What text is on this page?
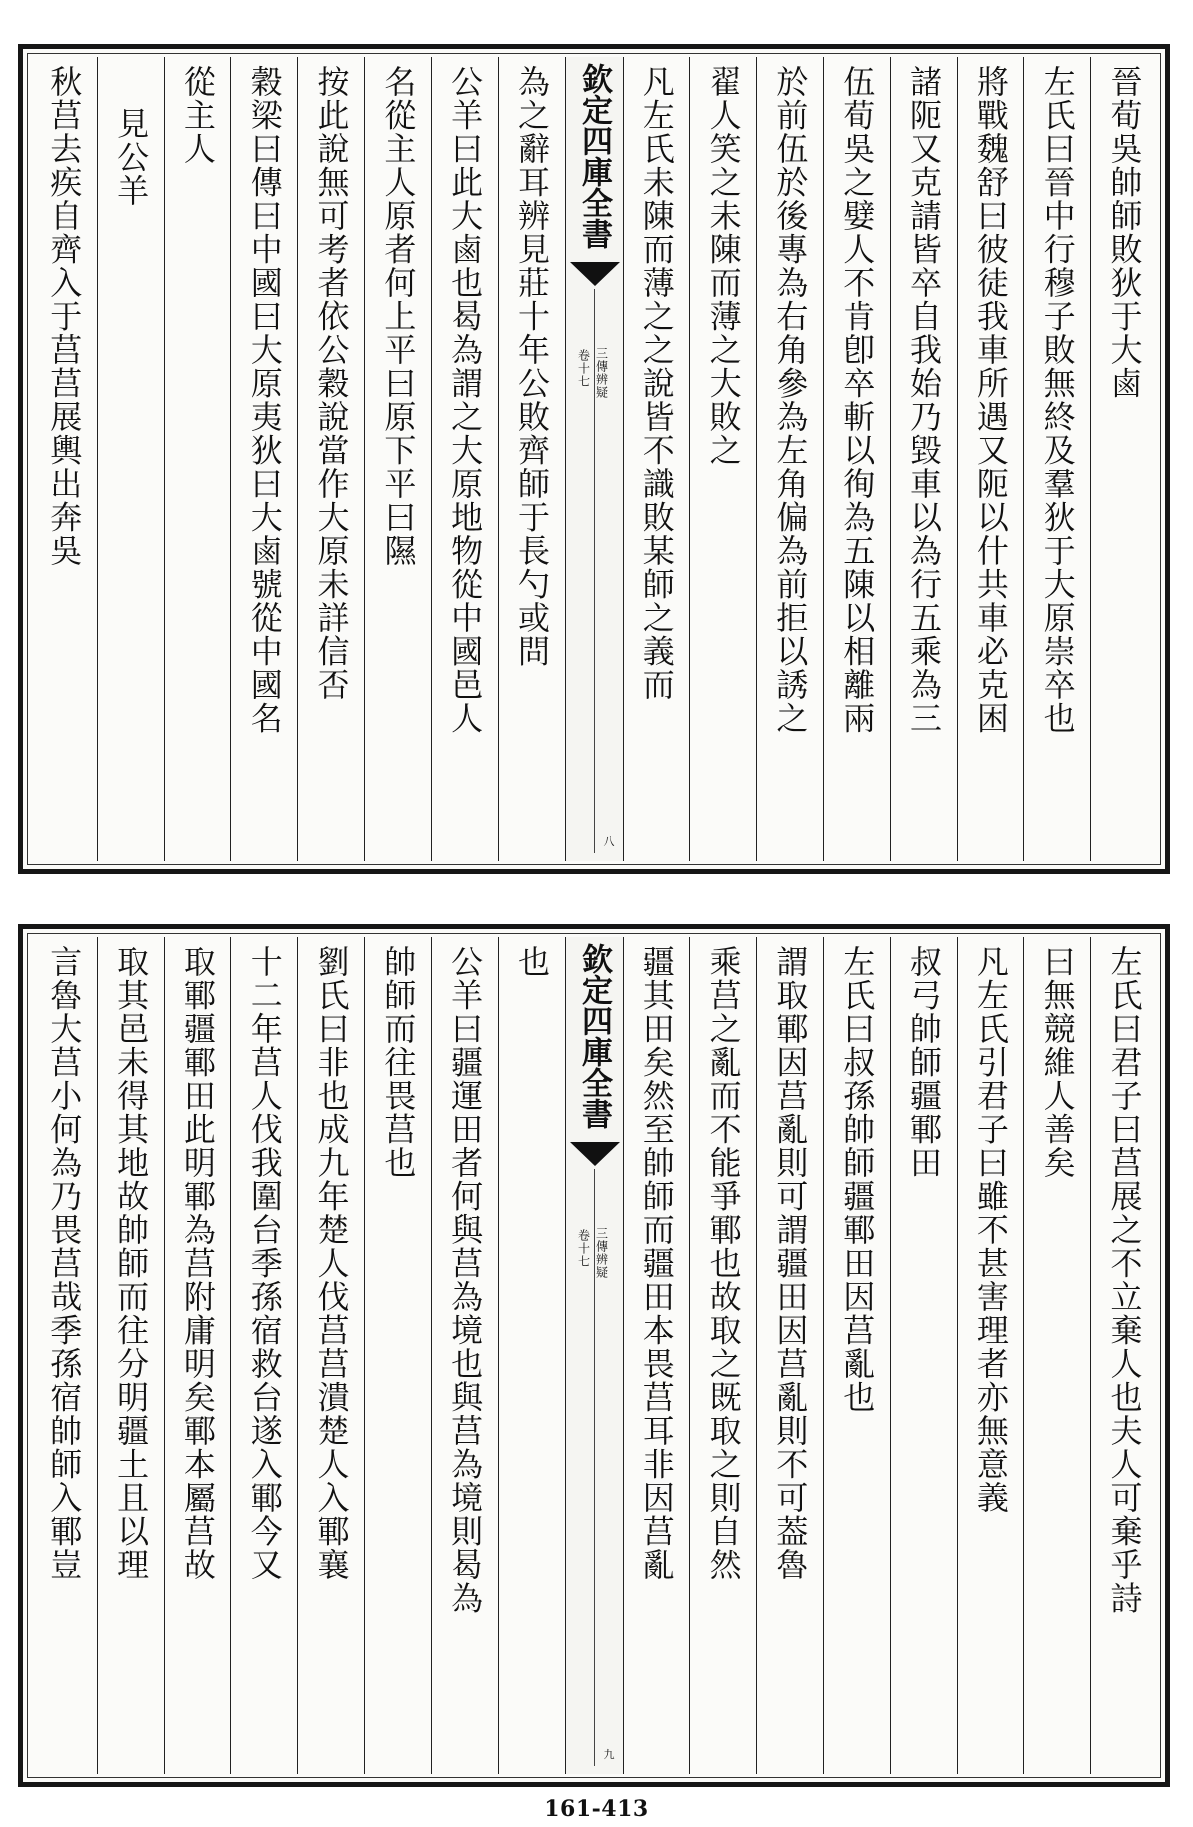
晉荀吳帥師敗狄于大鹵
左氏曰晉中行穆子敗無終及羣狄于大原崇卒也
將戰魏舒曰彼徒我車所遇又阨以什共車必克困
諸阨又克請皆卒自我始乃毀車以為行五乘為三
伍荀吳之嬖人不肯卽卒斬以徇為五陳以相離兩
於前伍於後專為右角參為左角偏為前拒以誘之
翟人笑之未陳而薄之大敗之
凡左氏未陳而薄之之說皆不識敗某師之義而
欽定四庫全書
三傳辨疑
卷十七
八
為之辭耳辨見莊十年公敗齊師于長勺或問
公羊曰此大鹵也曷為謂之大原地物從中國邑人
名從主人原者何上平曰原下平曰隰
按此說無可考者依公穀說當作大原未詳信否
穀梁曰傳曰中國曰大原夷狄曰大鹵號從中國名
從主人
見公羊
秋莒去疾自齊入于莒莒展輿出奔吳
左氏曰君子曰莒展之不立棄人也夫人可棄乎詩
曰無競維人善矣
凡左氏引君子曰雖不甚害理者亦無意義
叔弓帥師疆鄆田
左氏曰叔孫帥師疆鄆田因莒亂也
謂取鄆因莒亂則可謂疆田因莒亂則不可葢魯
乘莒之亂而不能爭鄆也故取之既取之則自然
疆其田矣然至帥師而疆田本畏莒耳非因莒亂
欽定四庫全書
三傳辨疑
卷十七
九
也
公羊曰疆運田者何與莒為境也與莒為境則曷為
帥師而往畏莒也
劉氏曰非也成九年楚人伐莒莒潰楚人入鄆襄
十二年莒人伐我圍台季孫宿救台遂入鄆今又
取鄆疆鄆田此明鄆為莒附庸明矣鄆本屬莒故
取其邑未得其地故帥師而往分明疆土且以理
言魯大莒小何為乃畏莒哉季孫宿帥師入鄆豈
161-413
